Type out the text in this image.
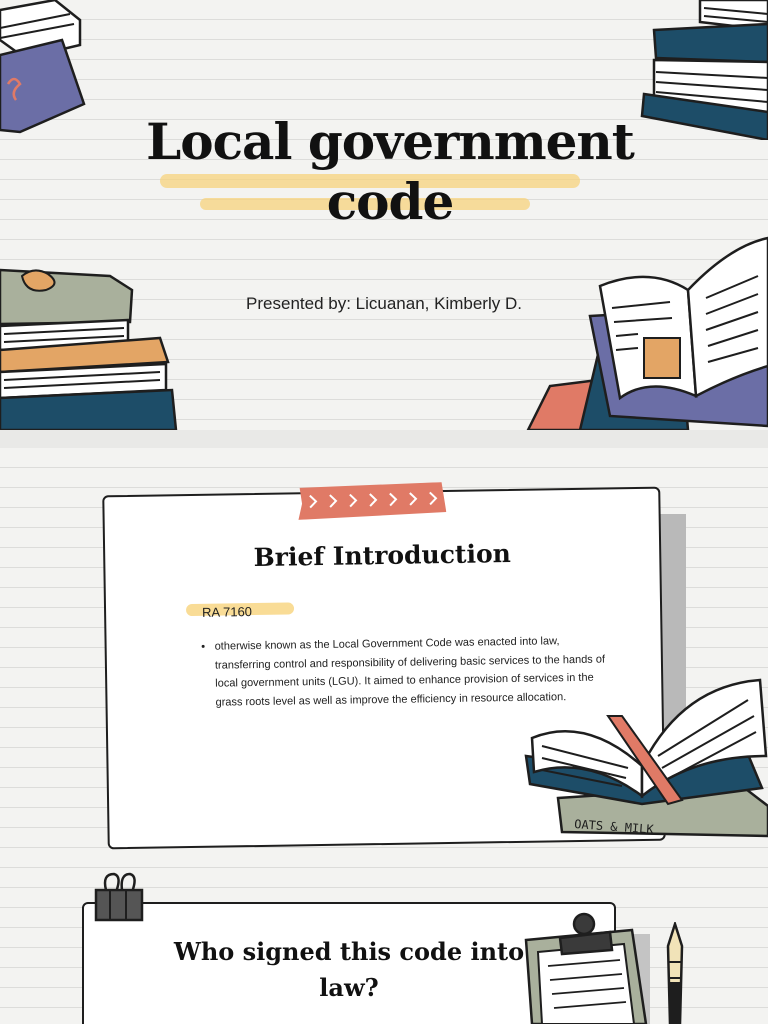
Local government
code
Presented by: Licuanan, Kimberly D.
Brief Introduction
RA 7160
• otherwise known as the Local Government Code was enacted into law, transferring control and responsibility of delivering basic services to the hands of local government units (LGU). It aimed to enhance provision of services in the grass roots level as well as improve the efficiency in resource allocation.
OATS & MILK
Who signed this code into
law?
